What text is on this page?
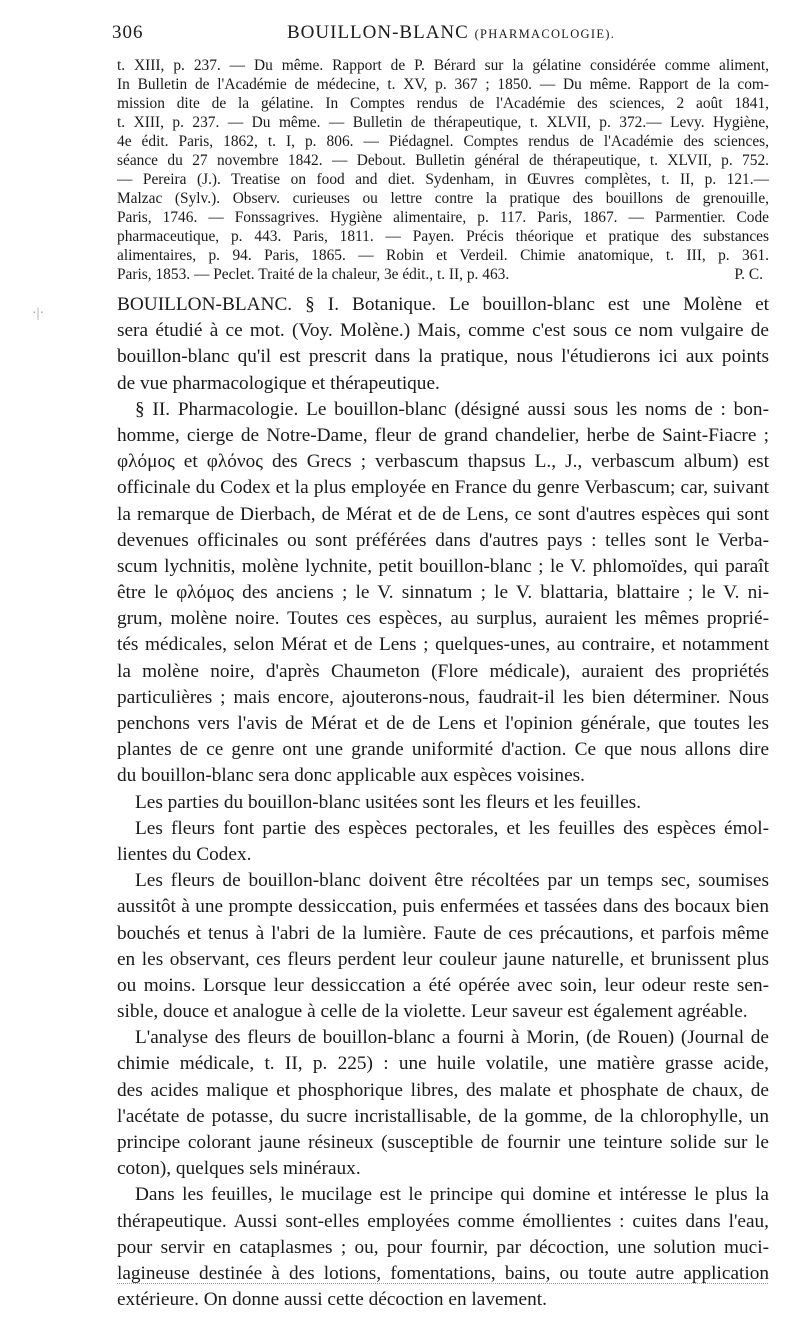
306	BOUILLON-BLANC (PHARMACOLOGIE).
t. XIII, p. 237. — Du même. Rapport de P. Bérard sur la gélatine considérée comme aliment,
In Bulletin de l'Académie de médecine, t. XV, p. 367 ; 1850. — Du même. Rapport de la com-
mission dite de la gélatine. In Comptes rendus de l'Académie des sciences, 2 août 1841,
t. XIII, p. 237. — Du même. — Bulletin de thérapeutique, t. XLVII, p. 372.— Levy. Hygiène,
4e édit. Paris, 1862, t. I, p. 806. — Piédagnel. Comptes rendus de l'Académie des sciences,
séance du 27 novembre 1842. — Debout. Bulletin général de thérapeutique, t. XLVII, p. 752.
— Pereira (J.). Treatise on food and diet. Sydenham, in Œuvres complètes, t. II, p. 121.—
Malzac (Sylv.). Observ. curieuses ou lettre contre la pratique des bouillons de grenouille,
Paris, 1746. — Fonssagrives. Hygiène alimentaire, p. 117. Paris, 1867. — Parmentier. Code
pharmaceutique, p. 443. Paris, 1811. — Payen. Précis théorique et pratique des substances
alimentaires, p. 94. Paris, 1865. — Robin et Verdeil. Chimie anatomique, t. III, p. 361.
Paris, 1853. — Peclet. Traité de la chaleur, 3e édit., t. II, p. 463.	P. C.
·|·	BOUILLON-BLANC. § I. Botanique. Le bouillon-blanc est une Molène et
sera étudié à ce mot. (Voy. Molène.) Mais, comme c'est sous ce nom vulgaire de
bouillon-blanc qu'il est prescrit dans la pratique, nous l'étudierons ici aux points
de vue pharmacologique et thérapeutique.
§ II. Pharmacologie. Le bouillon-blanc (désigné aussi sous les noms de : bon-
homme, cierge de Notre-Dame, fleur de grand chandelier, herbe de Saint-Fiacre ;
φλόμος et φλόνος des Grecs ; verbascum thapsus L., J., verbascum album) est
officinale du Codex et la plus employée en France du genre Verbascum; car, suivant
la remarque de Dierbach, de Mérat et de de Lens, ce sont d'autres espèces qui sont
devenues officinales ou sont préférées dans d'autres pays : telles sont le Verba-
scum lychnitis, molène lychnite, petit bouillon-blanc ; le V. phlomoïdes, qui paraît
être le φλόμος des anciens ; le V. sinnatum ; le V. blattaria, blattaire ; le V. ni-
grum, molène noire. Toutes ces espèces, au surplus, auraient les mêmes proprié-
tés médicales, selon Mérat et de Lens ; quelques-unes, au contraire, et notamment
la molène noire, d'après Chaumeton (Flore médicale), auraient des propriétés
particulières ; mais encore, ajouterons-nous, faudrait-il les bien déterminer. Nous
penchons vers l'avis de Mérat et de de Lens et l'opinion générale, que toutes les
plantes de ce genre ont une grande uniformité d'action. Ce que nous allons dire
du bouillon-blanc sera donc applicable aux espèces voisines.
Les parties du bouillon-blanc usitées sont les fleurs et les feuilles.
Les fleurs font partie des espèces pectorales, et les feuilles des espèces émol-
lientes du Codex.
Les fleurs de bouillon-blanc doivent être récoltées par un temps sec, soumises
aussitôt à une prompte dessiccation, puis enfermées et tassées dans des bocaux bien
bouchés et tenus à l'abri de la lumière. Faute de ces précautions, et parfois même
en les observant, ces fleurs perdent leur couleur jaune naturelle, et brunissent plus
ou moins. Lorsque leur dessiccation a été opérée avec soin, leur odeur reste sen-
sible, douce et analogue à celle de la violette. Leur saveur est également agréable.
L'analyse des fleurs de bouillon-blanc a fourni à Morin, (de Rouen) (Journal de
chimie médicale, t. II, p. 225) : une huile volatile, une matière grasse acide,
des acides malique et phosphorique libres, des malate et phosphate de chaux, de
l'acétate de potasse, du sucre incristallisable, de la gomme, de la chlorophylle, un
principe colorant jaune résineux (susceptible de fournir une teinture solide sur le
coton), quelques sels minéraux.
Dans les feuilles, le mucilage est le principe qui domine et intéresse le plus la
thérapeutique. Aussi sont-elles employées comme émollientes : cuites dans l'eau,
pour servir en cataplasmes ; ou, pour fournir, par décoction, une solution muci-
lagineuse destinée à des lotions, fomentations, bains, ou toute autre application
extérieure. On donne aussi cette décoction en lavement.
